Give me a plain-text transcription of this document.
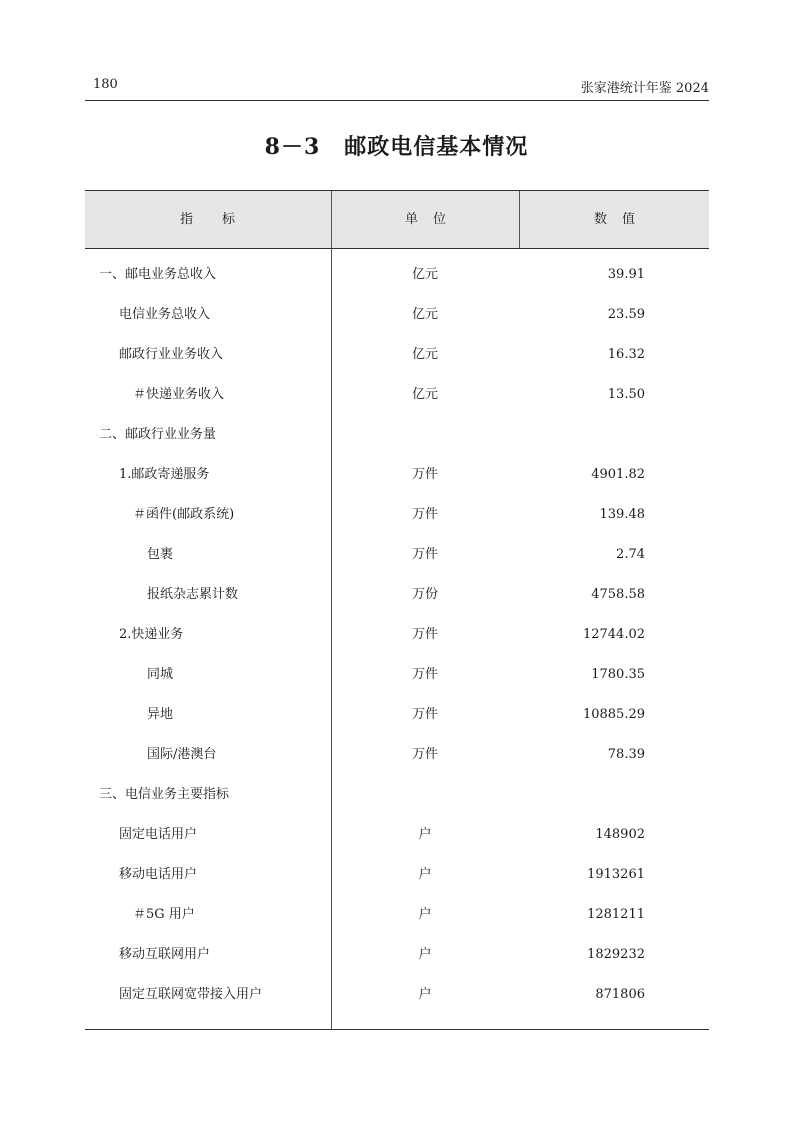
180	张家港统计年鉴 2024
8－3 邮政电信基本情况
指　　标	单　位	数　值
一、邮电业务总收入	亿元	39.91
电信业务总收入	亿元	23.59
邮政行业业务收入	亿元	16.32
＃快递业务收入	亿元	13.50
二、邮政行业业务量
1.邮政寄递服务	万件	4901.82
＃函件(邮政系统)	万件	139.48
包裹	万件	2.74
报纸杂志累计数	万份	4758.58
2.快递业务	万件	12744.02
同城	万件	1780.35
异地	万件	10885.29
国际/港澳台	万件	78.39
三、电信业务主要指标
固定电话用户	户	148902
移动电话用户	户	1913261
＃5G 用户	户	1281211
移动互联网用户	户	1829232
固定互联网宽带接入用户	户	871806
